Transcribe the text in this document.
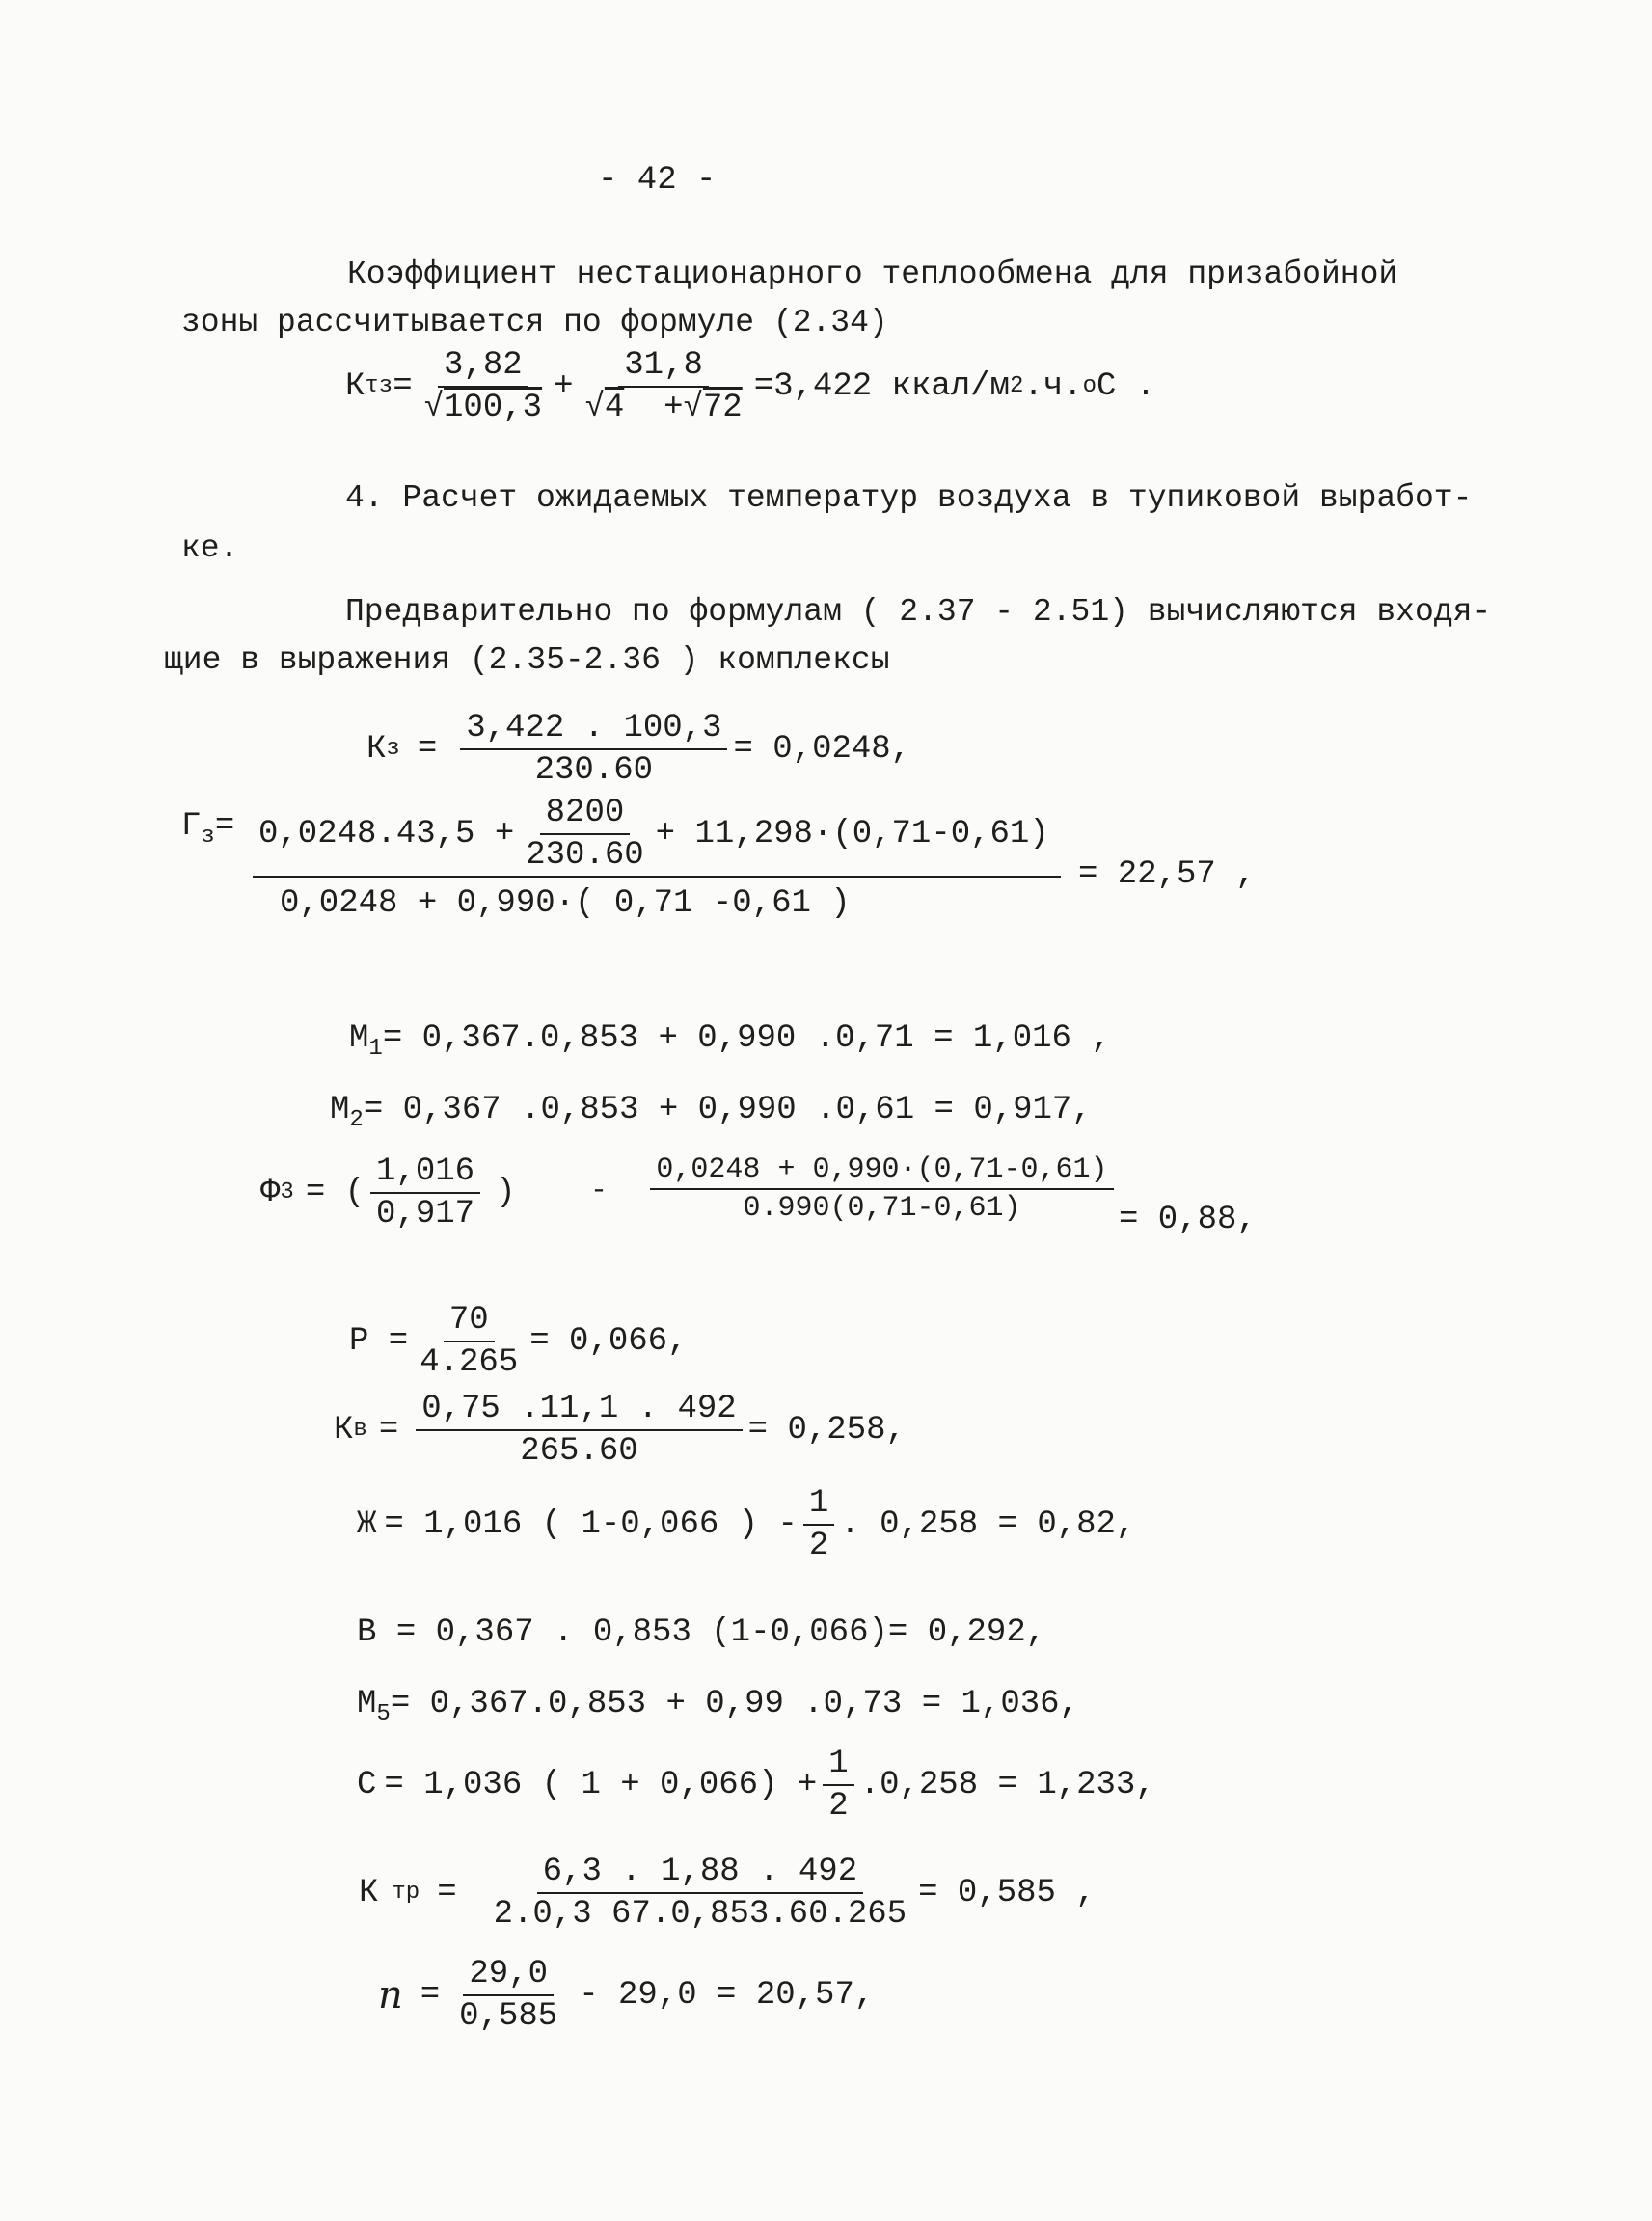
- 42 -
Коэффициент нестационарного теплообмена для призабойной
зоны рассчитывается по формуле (2.34)
К $\tau з = \frac{3,82}{√100,3} + \frac{31,8}{√4 +√72} =3,422$ ккал/м 2 .ч. о С .
4. Расчет ожидаемых температур воздуха в тупиковой выработ-
ке.
Предварительно по формулам ( 2.37 - 2.51) вычисляются входя-
щие в выражения (2.35-2.36 ) комплексы
К $з = \frac{3,422 . 100,3}{230.60} = 0,0248$,
$Г_з= 0,0248.43,5 + \frac{8200}{230.60} + 11,298\cdot(0,71-0,61)$
0,0248 + 0,990·( 0,71 -0,61 )
= 22,57 ,
$М_1= 0,367.0,853 + 0,990$ .0,71 = 1,016 ,
$М_2= 0,367$ .0,853 + 0,990 .0,61 = 0,917,
Ф 3 = ( $\frac{1,016}{0,917}$ )	- $\frac{0,0248 + 0,990\cdot(0,71-0,61)}{0.990(0,71-0,61)} = 0,88$,
$Р = \frac{70}{4.265} = 0,066$,
К $в = \frac{0,75 .11,1 . 492}{265.60} = 0,258$,
Ж = 1,016 ( 1-0,066 ) - $\frac{1}{2}$ . 0,258 = 0,82,
В = 0,367 . 0,853 (1-0,066)= 0,292,
$М_5= 0,367.0,853 + 0,99$ .0,73 = 1,036,
С = 1,036 ( $1 + 0,066) + \frac{1}{2} .0,258 = 1,233$,
К тр = $\frac{6,3 . 1,88 . 492}{2.0,3 67.0,853.60.265} = 0,585$ ,
$n = \frac{29,0}{0,585} - 29,0 = 20,57$,
